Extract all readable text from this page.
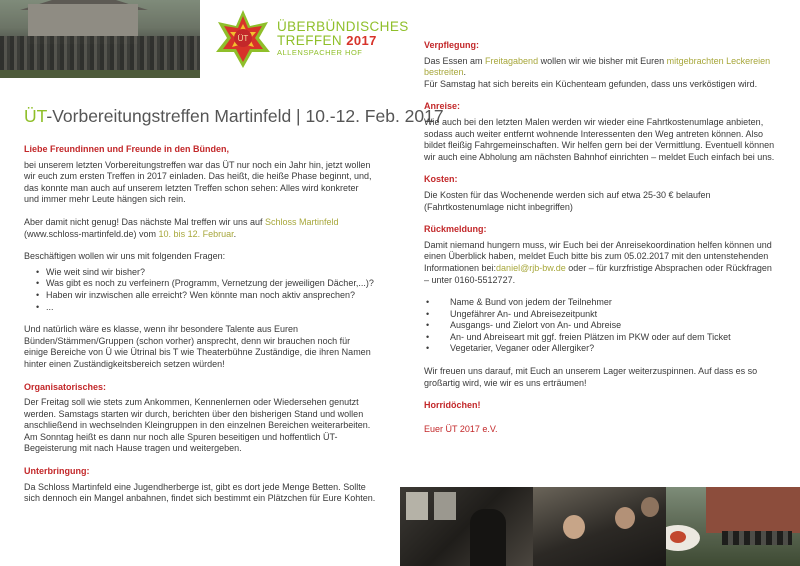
ÜT
ÜBERBÜNDISCHES
TREFFEN 2017
ALLENSPACHER HOF
ÜT-Vorbereitungstreffen Martinfeld | 10.-12. Feb. 2017
Liebe Freundinnen und Freunde in den Bünden,

bei unserem letzten Vorbereitungstreffen war das ÜT nur noch ein Jahr hin, jetzt wollen wir euch zum ersten Treffen in 2017 einladen. Das heißt, die heiße Phase beginnt, und, das konnte man auch auf unserem letzten Treffen schon sehen: Alles wird konkreter und immer mehr Leute hängen sich rein.

Aber damit nicht genug! Das nächste Mal treffen wir uns auf Schloss Martinfeld (www.schloss-martinfeld.de) vom 10. bis 12. Februar.

Beschäftigen wollen wir uns mit folgenden Fragen:

• Wie weit sind wir bisher?
• Was gibt es noch zu verfeinern (Programm, Vernetzung der jeweiligen Dächer,...)?
• Haben wir inzwischen alle erreicht? Wen könnte man noch aktiv ansprechen?
• ...

Und natürlich wäre es klasse, wenn ihr besondere Talente aus Euren Bünden/Stämmen/Gruppen (schon vorher) ansprecht, denn wir brauchen noch für einige Bereiche von Ü wie Ütrinal bis T wie Theaterbühne Zuständige, die ihren Namen hinter einen Zuständigkeitsbereich setzen würden!

Organisatorisches:

Der Freitag soll wie stets zum Ankommen, Kennenlernen oder Wiedersehen genutzt werden. Samstags starten wir durch, berichten über den bisherigen Stand und wollen anschließend in wechselnden Kleingruppen in den einzelnen Bereichen weiterarbeiten. Am Sonntag heißt es dann nur noch alle Spuren beseitigen und hoffentlich ÜT-Begeisterung mit nach Hause tragen und weitergeben.

Unterbringung:

Da Schloss Martinfeld eine Jugendherberge ist, gibt es dort jede Menge Betten. Sollte sich dennoch ein Mangel anbahnen, findet sich bestimmt ein Plätzchen für Eure Kohten.

Verpflegung:

Das Essen am Freitagabend wollen wir wie bisher mit Euren mitgebrachten Leckereien bestreiten.
Für Samstag hat sich bereits ein Küchenteam gefunden, dass uns verköstigen wird.

Anreise:

Wie auch bei den letzten Malen werden wir wieder eine Fahrtkostenumlage anbieten, sodass auch weiter entfernt wohnende Interessenten den Weg antreten können. Also bildet fleißig Fahrgemeinschaften. Wir helfen gern bei der Vermittlung. Eventuell können wir auch eine Abholung am nächsten Bahnhof einrichten – meldet Euch einfach bei uns.

Kosten:

Die Kosten für das Wochenende werden sich auf etwa 25-30 € belaufen (Fahrtkostenumlage nicht inbegriffen)

Rückmeldung:

Damit niemand hungern muss, wir Euch bei der Anreisekoordination helfen können und einen Überblick haben, meldet Euch bitte bis zum 05.02.2017 mit den untenstehenden Informationen bei:daniel@rjb-bw.de oder – für kurzfristige Absprachen oder Rückfragen – unter 0160-5512727.

• Name & Bund von jedem der Teilnehmer
• Ungefährer An- und Abreisezeitpunkt
• Ausgangs- und Zielort von An- und Abreise
• An- und Abreiseart mit ggf. freien Plätzen im PKW oder auf dem Ticket
• Vegetarier, Veganer oder Allergiker?

Wir freuen uns darauf, mit Euch an unserem Lager weiterzuspinnen. Auf dass es so großartig wird, wie wir es uns erträumen!

Horridöchen!

Euer ÜT 2017 e.V.
